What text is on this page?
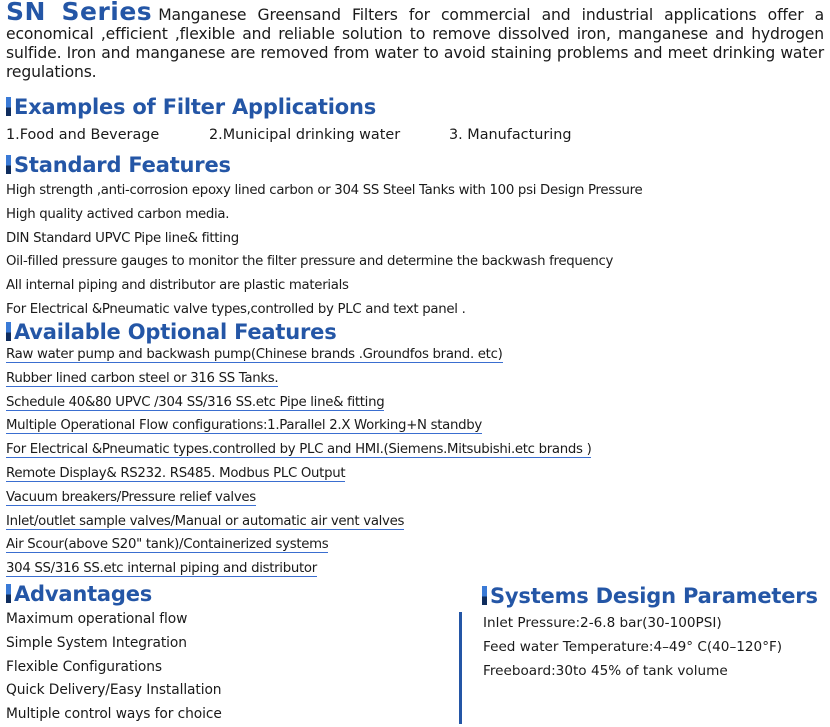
SN Series Manganese Greensand Filters for commercial and industrial applications offer a economical ,efficient ,flexible and reliable solution to remove dissolved iron, manganese and hydrogen sulfide. Iron and manganese are removed from water to avoid staining problems and meet drinking water regulations.
Examples of Filter Applications
1.Food and Beverage	2.Municipal drinking water	3. Manufacturing
Standard Features
High strength ,anti-corrosion epoxy lined carbon or 304 SS Steel Tanks with 100 psi Design Pressure
High quality actived carbon media.
DIN Standard UPVC Pipe line& fitting
Oil-filled pressure gauges to monitor the filter pressure and determine the backwash frequency
All internal piping and distributor are plastic materials
For Electrical &Pneumatic valve types,controlled by PLC and text panel .
Available Optional Features
Raw water pump and backwash pump(Chinese brands .Groundfos brand. etc)
Rubber lined carbon steel or 316 SS Tanks.
Schedule 40&80 UPVC /304 SS/316 SS.etc Pipe line& fitting
Multiple Operational Flow configurations:1.Parallel 2.X Working+N standby
For Electrical &Pneumatic types.controlled by PLC and HMI.(Siemens.Mitsubishi.etc brands )
Remote Display& RS232. RS485. Modbus PLC Output
Vacuum breakers/Pressure relief valves
Inlet/outlet sample valves/Manual or automatic air vent valves
Air Scour(above S20" tank)/Containerized systems
304 SS/316 SS.etc internal piping and distributor
Advantages
Maximum operational flow
Simple System Integration
Flexible Configurations
Quick Delivery/Easy Installation
Multiple control ways for choice
Systems Design Parameters
Inlet Pressure:2-6.8 bar(30-100PSI)
Feed water Temperature:4–49° C(40–120°F)
Freeboard:30to 45% of tank volume
